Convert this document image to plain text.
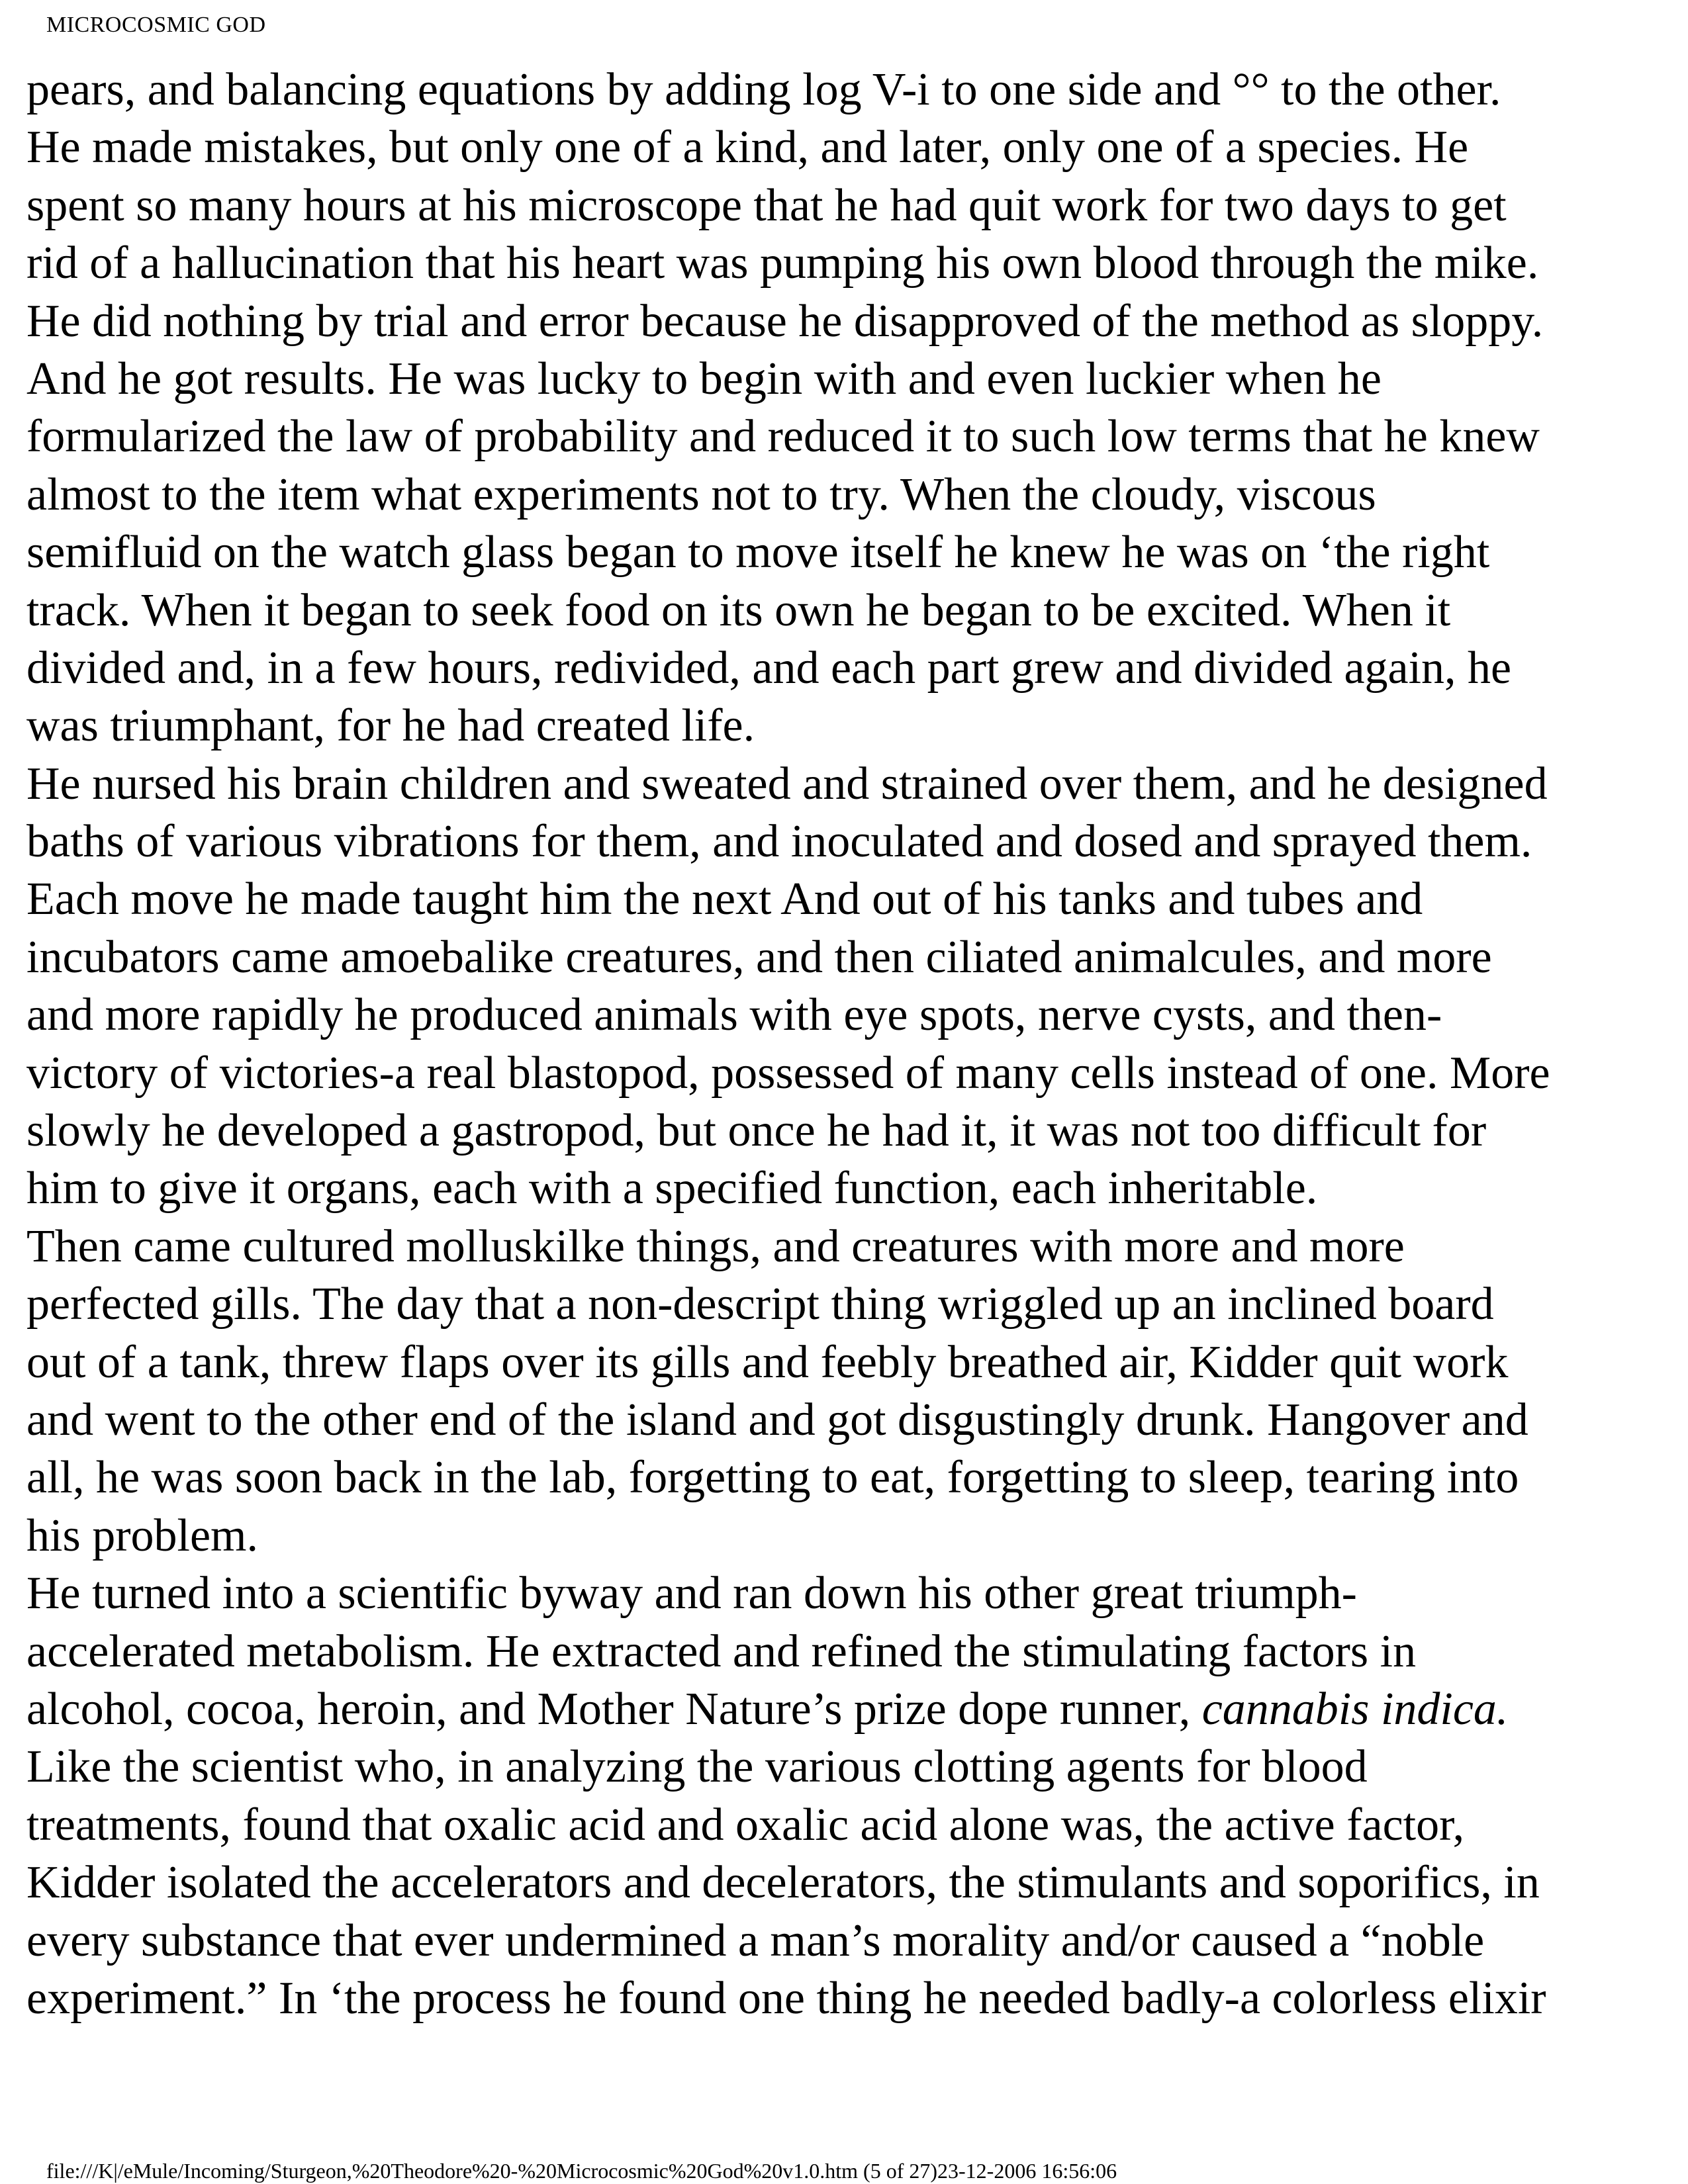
MICROCOSMIC GOD
pears, and balancing equations by adding log V-i to one side and °° to the other.
He made mistakes, but only one of a kind, and later, only one of a species. He
spent so many hours at his microscope that he had quit work for two days to get
rid of a hallucination that his heart was pumping his own blood through the mike.
He did nothing by trial and error because he disapproved of the method as sloppy.
And he got results. He was lucky to begin with and even luckier when he
formularized the law of probability and reduced it to such low terms that he knew
almost to the item what experiments not to try. When the cloudy, viscous
semifluid on the watch glass began to move itself he knew he was on ‘the right
track. When it began to seek food on its own he began to be excited. When it
divided and, in a few hours, redivided, and each part grew and divided again, he
was triumphant, for he had created life.
He nursed his brain children and sweated and strained over them, and he designed
baths of various vibrations for them, and inoculated and dosed and sprayed them.
Each move he made taught him the next And out of his tanks and tubes and
incubators came amoebalike creatures, and then ciliated animalcules, and more
and more rapidly he produced animals with eye spots, nerve cysts, and then-
victory of victories-a real blastopod, possessed of many cells instead of one. More
slowly he developed a gastropod, but once he had it, it was not too difficult for
him to give it organs, each with a specified function, each inheritable.
Then came cultured molluskilke things, and creatures with more and more
perfected gills. The day that a non-descript thing wriggled up an inclined board
out of a tank, threw flaps over its gills and feebly breathed air, Kidder quit work
and went to the other end of the island and got disgustingly drunk. Hangover and
all, he was soon back in the lab, forgetting to eat, forgetting to sleep, tearing into
his problem.
He turned into a scientific byway and ran down his other great triumph-
accelerated metabolism. He extracted and refined the stimulating factors in
alcohol, cocoa, heroin, and Mother Nature’s prize dope runner, cannabis indica.
Like the scientist who, in analyzing the various clotting agents for blood
treatments, found that oxalic acid and oxalic acid alone was, the active factor,
Kidder isolated the accelerators and decelerators, the stimulants and soporifics, in
every substance that ever undermined a man’s morality and/or caused a “noble
experiment.” In ‘the process he found one thing he needed badly-a colorless elixir
file:///K|/eMule/Incoming/Sturgeon,%20Theodore%20-%20Microcosmic%20God%20v1.0.htm (5 of 27)23-12-2006 16:56:06
